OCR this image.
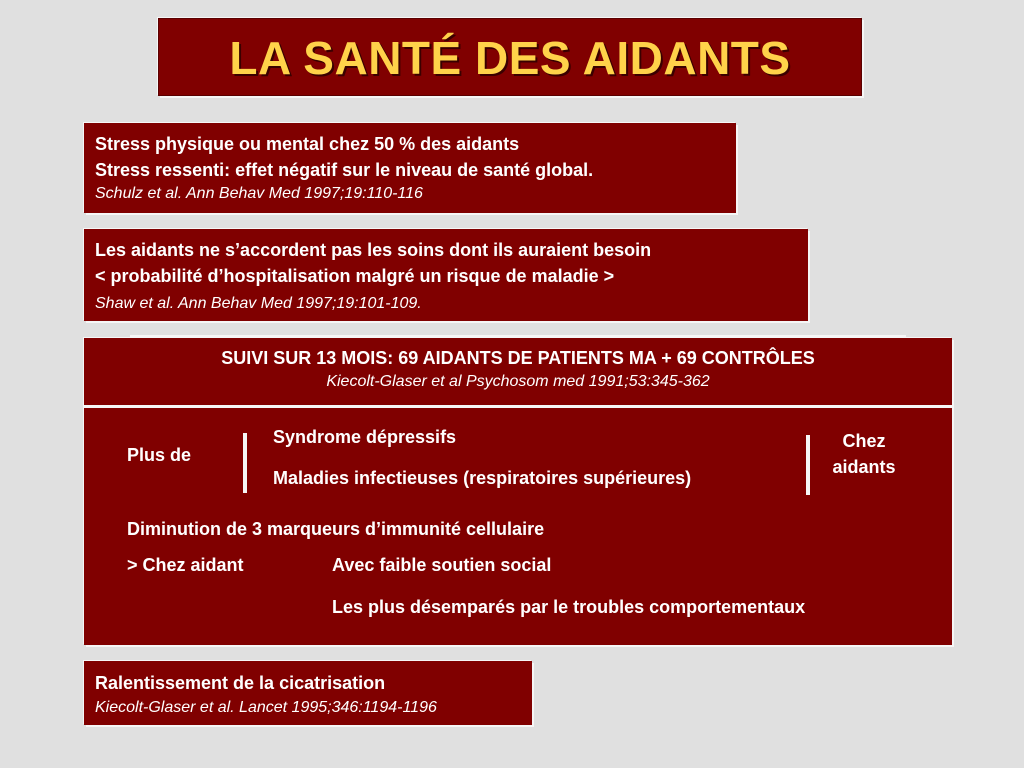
LA SANTÉ DES AIDANTS
Stress physique ou mental chez 50 % des aidants
Stress ressenti: effet négatif sur le niveau de santé global.
Schulz et al. Ann Behav Med 1997;19:110-116
Les aidants ne s’accordent pas les soins dont ils auraient besoin
< probabilité d’hospitalisation malgré un risque de maladie >
Shaw et al. Ann Behav Med 1997;19:101-109.
SUIVI SUR 13 MOIS: 69 AIDANTS DE PATIENTS MA + 69 CONTRÔLES
Kiecolt-Glaser et al Psychosom med 1991;53:345-362
Plus de
Syndrome dépressifs
Maladies infectieuses (respiratoires supérieures)
Chez
aidants
Diminution de 3 marqueurs d’immunité cellulaire
> Chez aidant	Avec faible soutien social
Les plus désemparés par le troubles comportementaux
Ralentissement de la cicatrisation
Kiecolt-Glaser et al. Lancet 1995;346:1194-1196
